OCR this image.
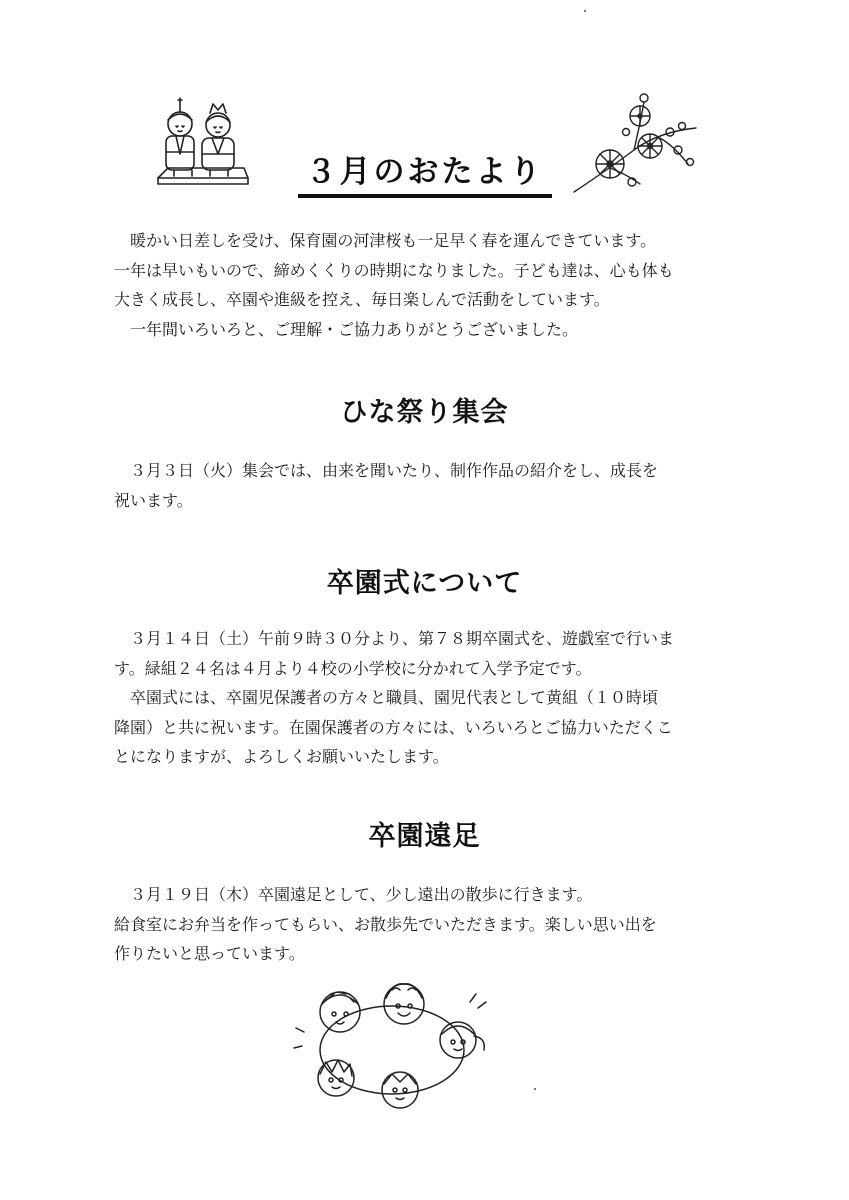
３月のおたより

　暖かい日差しを受け、保育園の河津桜も一足早く春を運んできています。

一年は早いもいので、締めくくりの時期になりました。子ども達は、心も体も

大きく成長し、卒園や進級を控え、毎日楽しんで活動をしています。

　一年間いろいろと、ご理解・ご協力ありがとうございました。

ひな祭り集会

　３月３日（火）集会では、由来を聞いたり、制作作品の紹介をし、成長を

祝います。

卒園式について

　３月１４日（土）午前９時３０分より、第７８期卒園式を、遊戯室で行いま

す。緑組２４名は４月より４校の小学校に分かれて入学予定です。

　卒園式には、卒園児保護者の方々と職員、園児代表として黄組（１０時頃

降園）と共に祝います。在園保護者の方々には、いろいろとご協力いただくこ

とになりますが、よろしくお願いいたします。

卒園遠足

　３月１９日（木）卒園遠足として、少し遠出の散歩に行きます。

給食室にお弁当を作ってもらい、お散歩先でいただきます。楽しい思い出を

作りたいと思っています。
